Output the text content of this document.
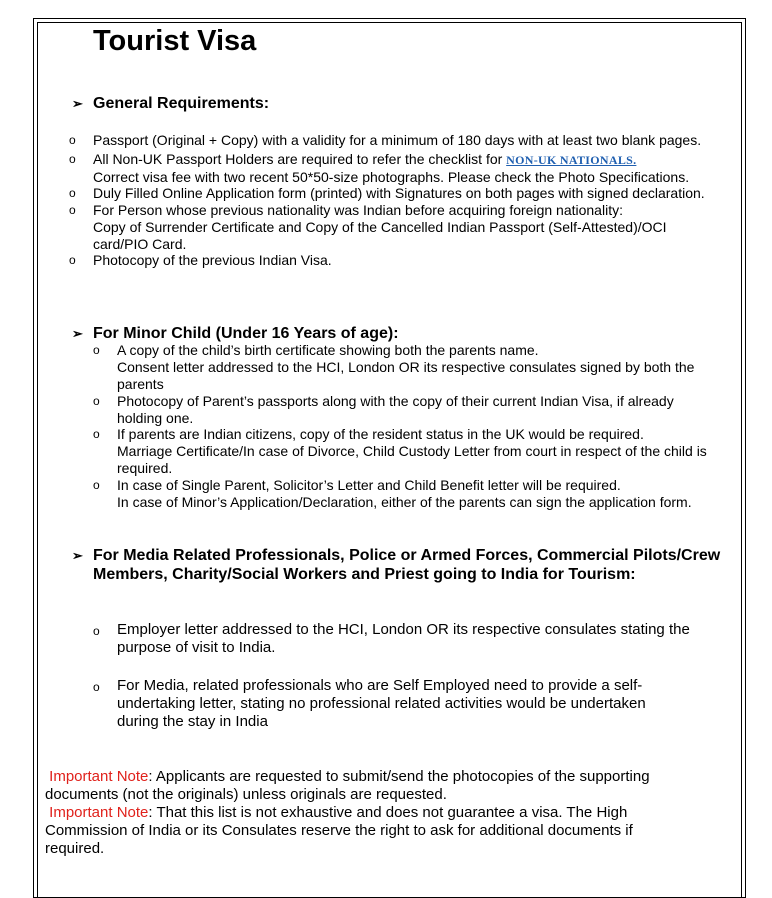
Tourist Visa
➢ General Requirements:
o Passport (Original + Copy) with a validity for a minimum of 180 days with at least two blank pages.
o All Non-UK Passport Holders are required to refer the checklist for NON-UK NATIONALS.
Correct visa fee with two recent 50*50-size photographs. Please check the Photo Specifications.
o Duly Filled Online Application form (printed) with Signatures on both pages with signed declaration.
o For Person whose previous nationality was Indian before acquiring foreign nationality:
Copy of Surrender Certificate and Copy of the Cancelled Indian Passport (Self-Attested)/OCI
card/PIO Card.
o Photocopy of the previous Indian Visa.
➢ For Minor Child (Under 16 Years of age):
o A copy of the child’s birth certificate showing both the parents name.
Consent letter addressed to the HCI, London OR its respective consulates signed by both the
parents
o Photocopy of Parent’s passports along with the copy of their current Indian Visa, if already
holding one.
o If parents are Indian citizens, copy of the resident status in the UK would be required.
Marriage Certificate/In case of Divorce, Child Custody Letter from court in respect of the child is
required.
o In case of Single Parent, Solicitor’s Letter and Child Benefit letter will be required.
In case of Minor’s Application/Declaration, either of the parents can sign the application form.
➢ For Media Related Professionals, Police or Armed Forces, Commercial Pilots/Crew
Members, Charity/Social Workers and Priest going to India for Tourism:
o Employer letter addressed to the HCI, London OR its respective consulates stating the
purpose of visit to India.
o For Media, related professionals who are Self Employed need to provide a self-
undertaking letter, stating no professional related activities would be undertaken
during the stay in India
Important Note: Applicants are requested to submit/send the photocopies of the supporting
documents (not the originals) unless originals are requested.
Important Note: That this list is not exhaustive and does not guarantee a visa. The High
Commission of India or its Consulates reserve the right to ask for additional documents if
required.
